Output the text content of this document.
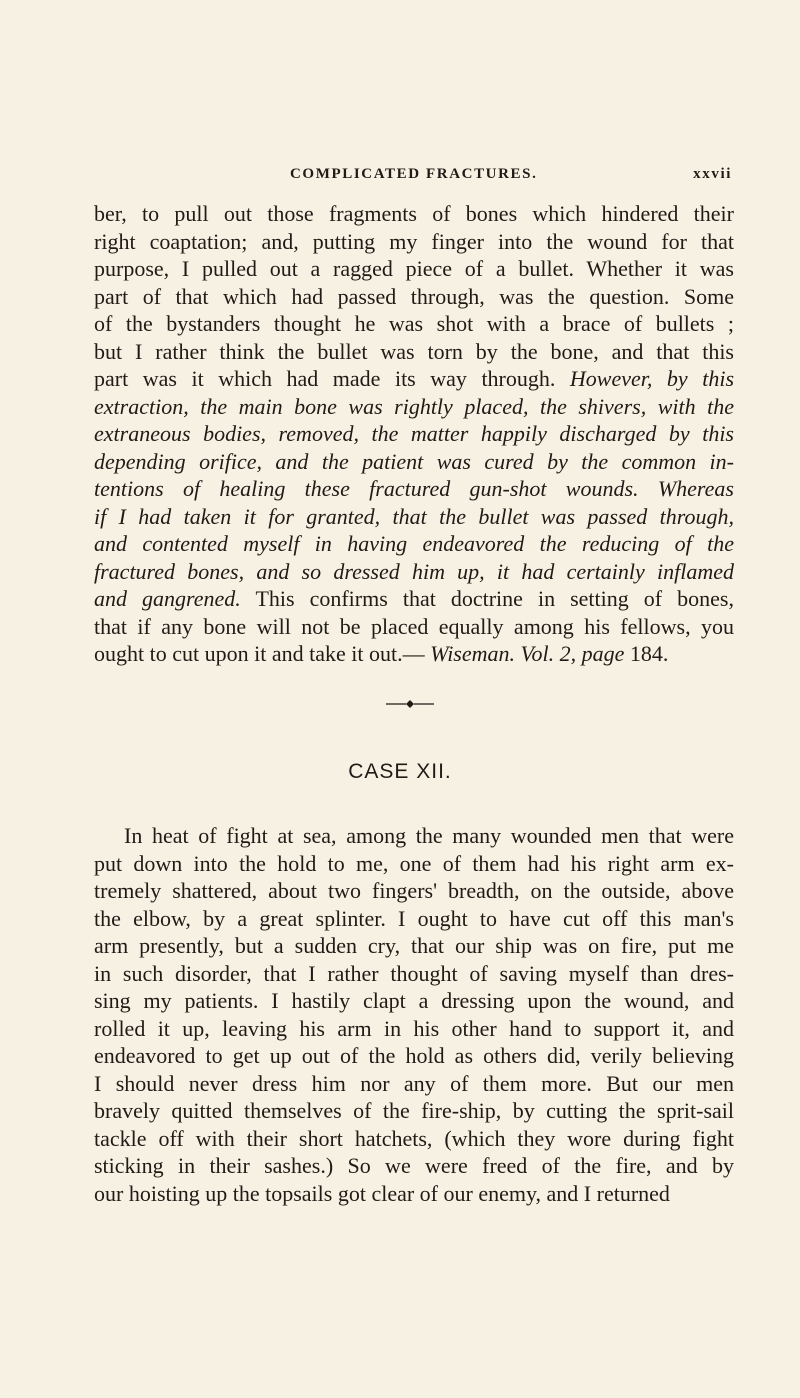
COMPLICATED FRACTURES.	xxvii
ber, to pull out those fragments of bones which hindered their
right coaptation; and, putting my finger into the wound for that
purpose, I pulled out a ragged piece of a bullet. Whether it was
part of that which had passed through, was the question. Some
of the bystanders thought he was shot with a brace of bullets ;
but I rather think the bullet was torn by the bone, and that this
part was it which had made its way through. However, by this
extraction, the main bone was rightly placed, the shivers, with the
extraneous bodies, removed, the matter happily discharged by this
depending orifice, and the patient was cured by the common in-
tentions of healing these fractured gun-shot wounds. Whereas
if I had taken it for granted, that the bullet was passed through,
and contented myself in having endeavored the reducing of the
fractured bones, and so dressed him up, it had certainly inflamed
and gangrened. This confirms that doctrine in setting of bones,
that if any bone will not be placed equally among his fellows, you
ought to cut upon it and take it out.— Wiseman. Vol. 2, page 184.
CASE XII.
In heat of fight at sea, among the many wounded men that were
put down into the hold to me, one of them had his right arm ex-
tremely shattered, about two fingers' breadth, on the outside, above
the elbow, by a great splinter. I ought to have cut off this man's
arm presently, but a sudden cry, that our ship was on fire, put me
in such disorder, that I rather thought of saving myself than dres-
sing my patients. I hastily clapt a dressing upon the wound, and
rolled it up, leaving his arm in his other hand to support it, and
endeavored to get up out of the hold as others did, verily believing
I should never dress him nor any of them more. But our men
bravely quitted themselves of the fire-ship, by cutting the sprit-sail
tackle off with their short hatchets, (which they wore during fight
sticking in their sashes.) So we were freed of the fire, and by
our hoisting up the topsails got clear of our enemy, and I returned
